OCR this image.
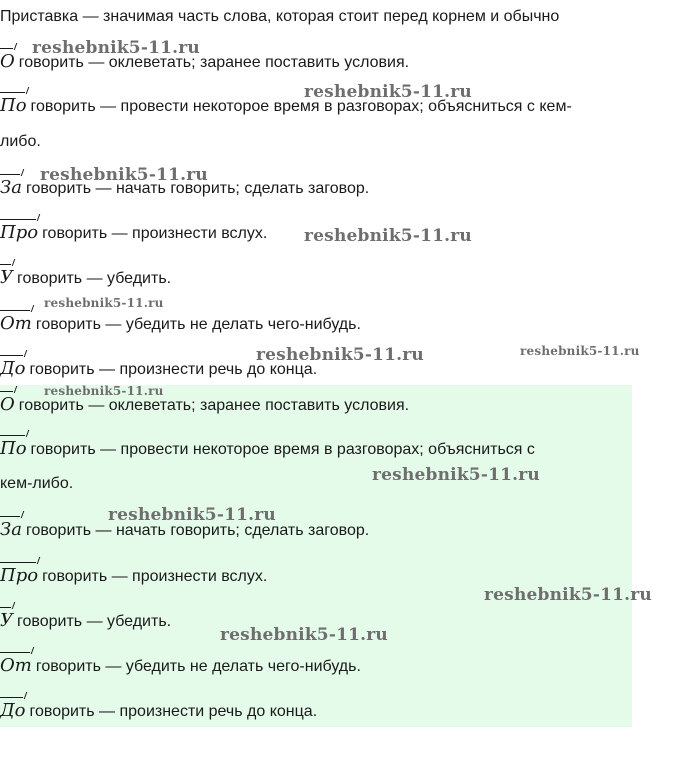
Приставка — значимая часть слова, которая стоит перед корнем и обычно
О говорить — оклеветать; заранее поставить условия.
По говорить — провести некоторое время в разговорах; объясниться с кем-
либо.
За говорить — начать говорить; сделать заговор.
Про говорить — произнести вслух.
У говорить — убедить.
От говорить — убедить не делать чего-нибудь.
До говорить — произнести речь до конца.
О говорить — оклеветать; заранее поставить условия.
По говорить — провести некоторое время в разговорах; объясниться с
кем-либо.
За говорить — начать говорить; сделать заговор.
Про говорить — произнести вслух.
У говорить — убедить.
От говорить — убедить не делать чего-нибудь.
До говорить — произнести речь до конца.
reshebnik5-11.ru
reshebnik5-11.ru
reshebnik5-11.ru
reshebnik5-11.ru
reshebnik5-11.ru
reshebnik5-11.ru	reshebnik5-11.ru
reshebnik5-11.ru
reshebnik5-11.ru
reshebnik5-11.ru
reshebnik5-11.ru
reshebnik5-11.ru
